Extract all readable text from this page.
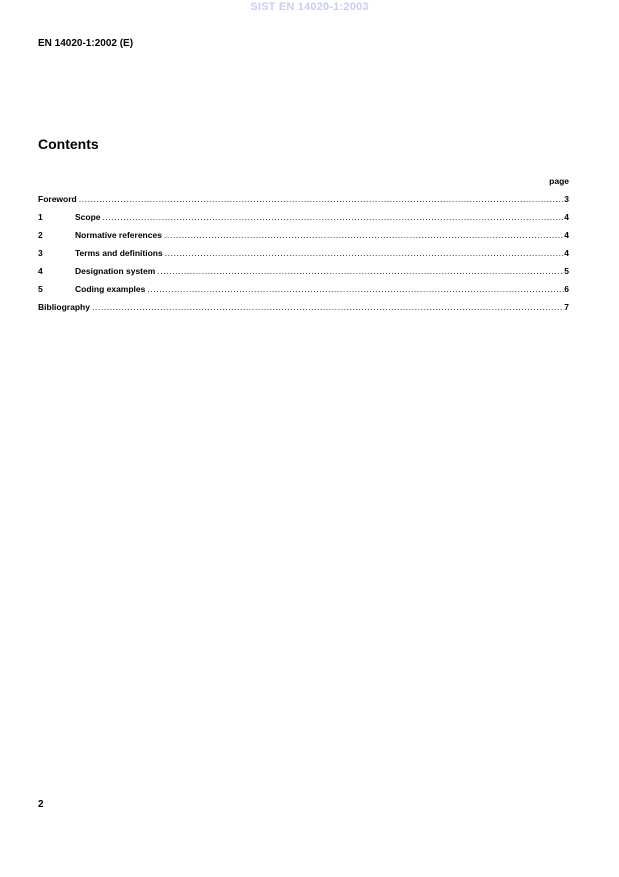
SIST EN 14020-1:2003
EN 14020-1:2002 (E)
Contents
page
Foreword .....	3
1	Scope .....	4
2	Normative references .....	4
3	Terms and definitions .....	4
4	Designation system .....	5
5	Coding examples .....	6
Bibliography .....	7
2
